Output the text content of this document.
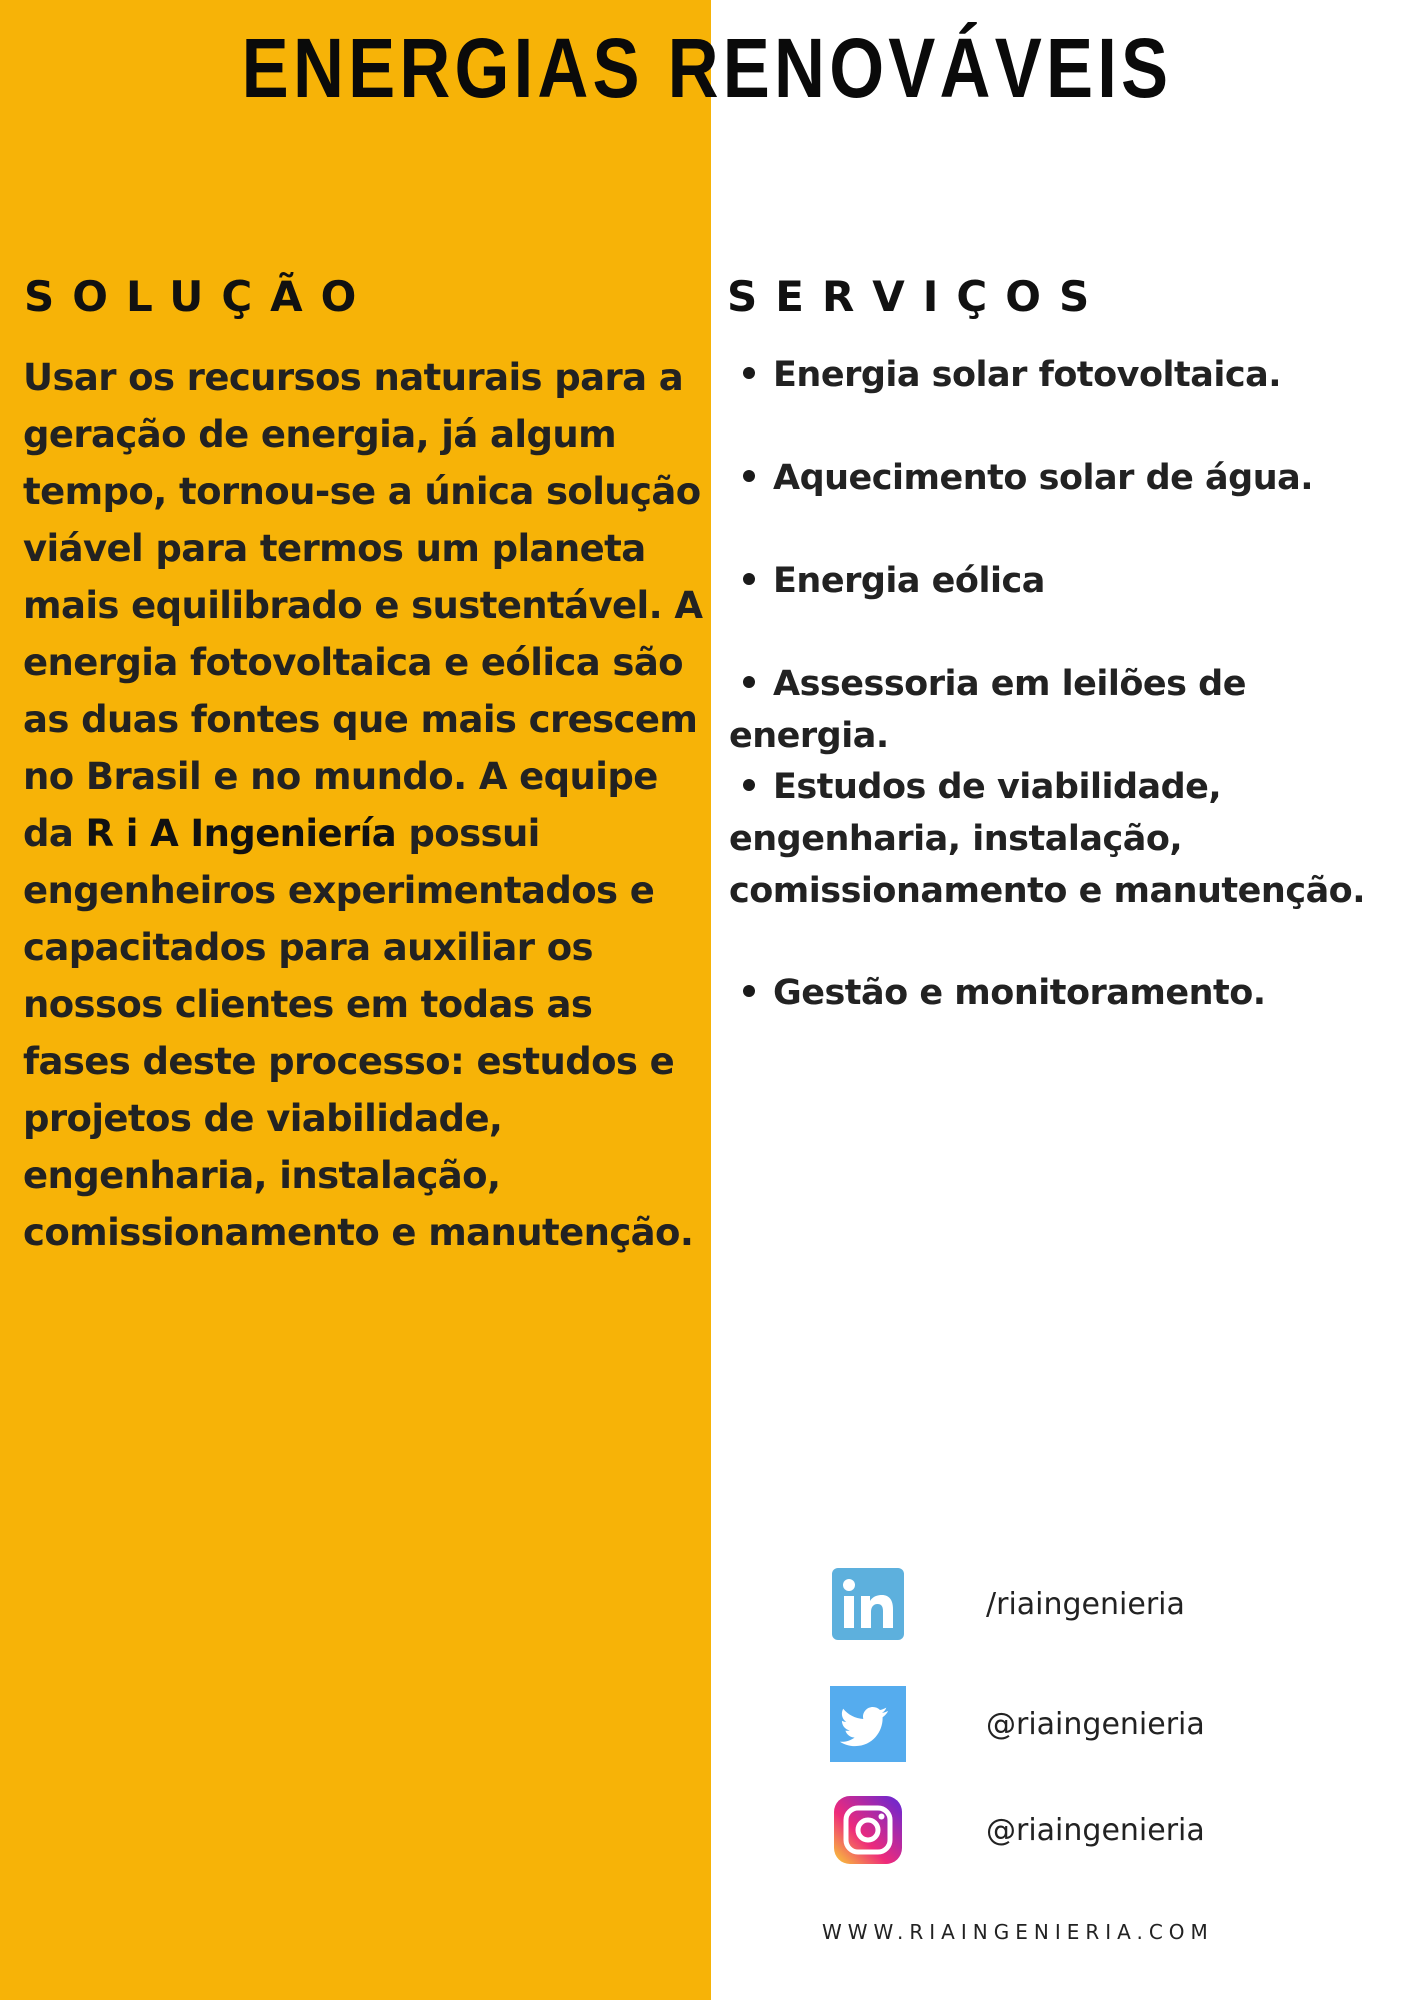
ENERGIAS RENOVÁVEIS
SOLUÇÃO

Usar os recursos naturais para a geração de energia, já algum tempo, tornou-se a única solução viável para termos um planeta mais equilibrado e sustentável. A energia fotovoltaica e eólica são as duas fontes que mais crescem no Brasil e no mundo. A equipe da R i A Ingeniería possui engenheiros experimentados e capacitados para auxiliar os nossos clientes em todas as fases deste processo: estudos e projetos de viabilidade, engenharia, instalação, comissionamento e manutenção.

SERVIÇOS
Energia solar fotovoltaica.
Aquecimento solar de água.
Energia eólica
Assessoria em leilões de energia.
Estudos de viabilidade, engenharia, instalação, comissionamento e manutenção.
Gestão e monitoramento.
/riaingenieria
@riaingenieria
@riaingenieria
WWW.RIAINGENIERIA.COM
